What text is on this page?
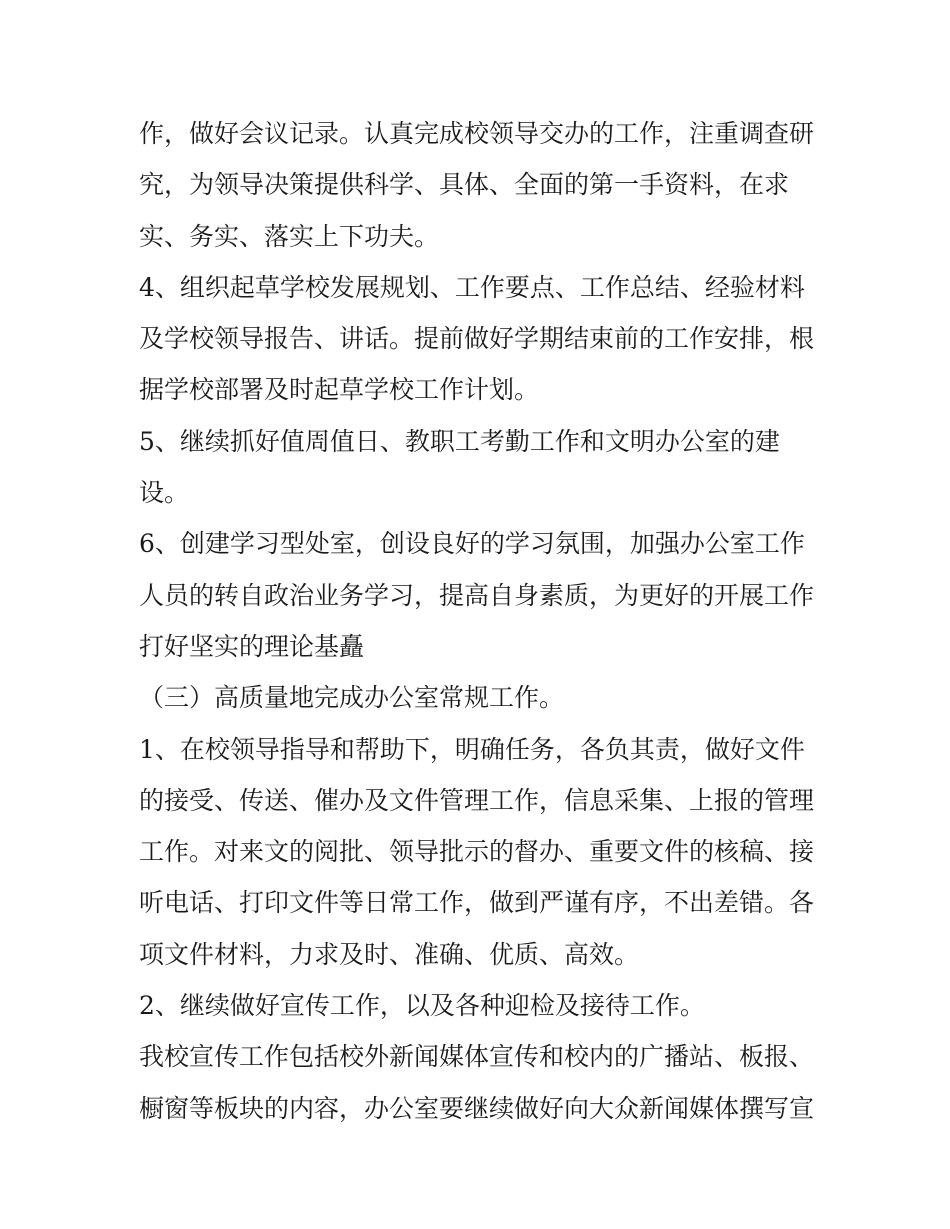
作，做好会议记录。认真完成校领导交办的工作，注重调查研
究，为领导决策提供科学、具体、全面的第一手资料，在求
实、务实、落实上下功夫。
4、组织起草学校发展规划、工作要点、工作总结、经验材料
及学校领导报告、讲话。提前做好学期结束前的工作安排，根
据学校部署及时起草学校工作计划。
5、继续抓好值周值日、教职工考勤工作和文明办公室的建
设。
6、创建学习型处室，创设良好的学习氛围，加强办公室工作
人员的转自政治业务学习，提高自身素质，为更好的开展工作
打好坚实的理论基矗
（三）高质量地完成办公室常规工作。
1、在校领导指导和帮助下，明确任务，各负其责，做好文件
的接受、传送、催办及文件管理工作，信息采集、上报的管理
工作。对来文的阅批、领导批示的督办、重要文件的核稿、接
听电话、打印文件等日常工作，做到严谨有序，不出差错。各
项文件材料，力求及时、准确、优质、高效。
2、继续做好宣传工作，以及各种迎检及接待工作。
我校宣传工作包括校外新闻媒体宣传和校内的广播站、板报、
橱窗等板块的内容，办公室要继续做好向大众新闻媒体撰写宣
